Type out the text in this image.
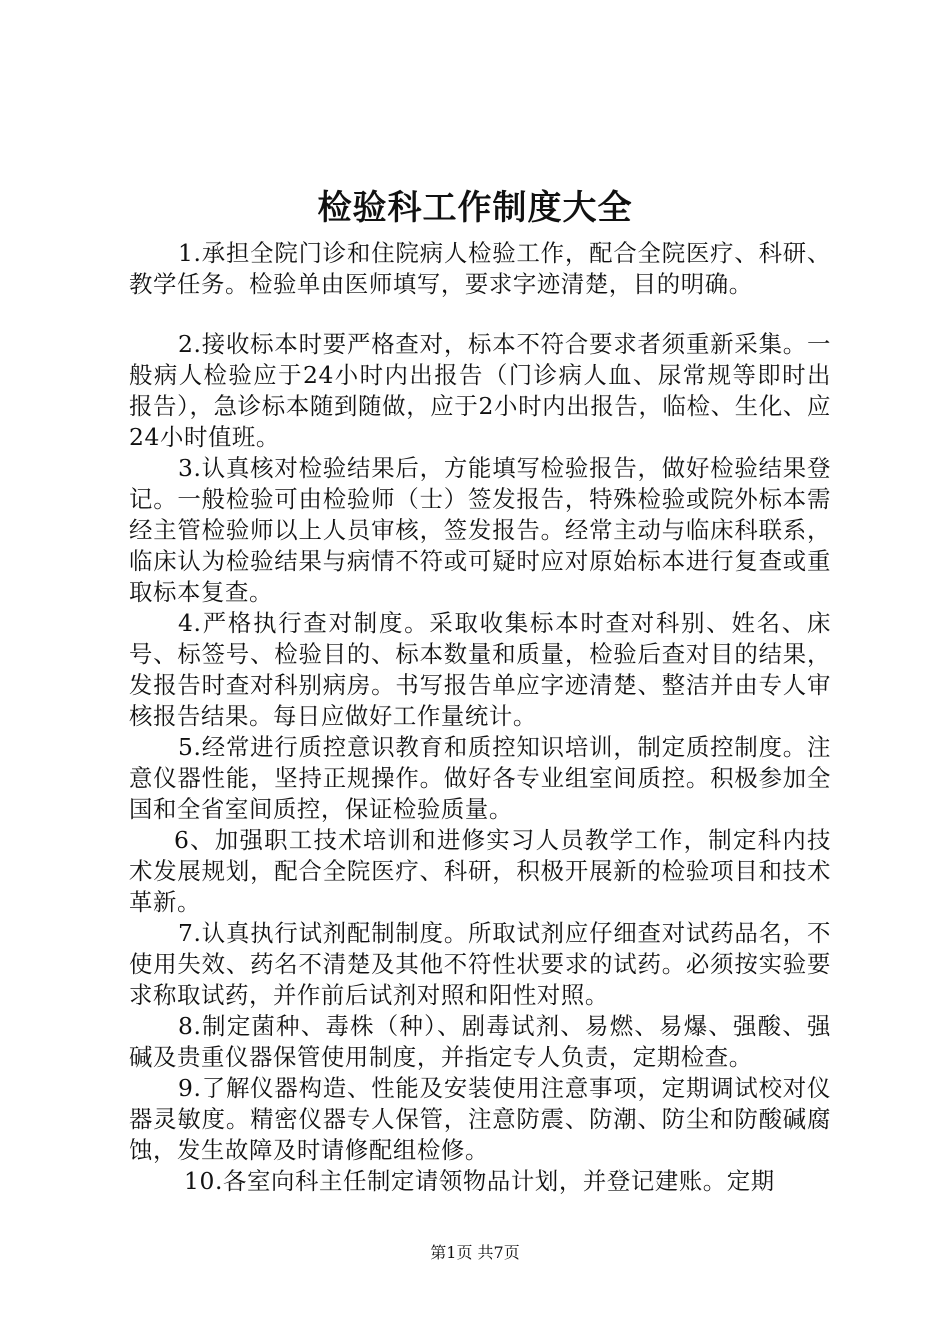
检验科工作制度大全

1.承担全院门诊和住院病人检验工作，配合全院医疗、科研、教学任务。检验单由医师填写，要求字迹清楚，目的明确。

2.接收标本时要严格查对，标本不符合要求者须重新采集。一般病人检验应于24小时内出报告（门诊病人血、尿常规等即时出报告），急诊标本随到随做，应于2小时内出报告，临检、生化、应24小时值班。

3.认真核对检验结果后，方能填写检验报告，做好检验结果登记。一般检验可由检验师（士）签发报告，特殊检验或院外标本需经主管检验师以上人员审核，签发报告。经常主动与临床科联系，临床认为检验结果与病情不符或可疑时应对原始标本进行复查或重取标本复查。

4.严格执行查对制度。采取收集标本时查对科别、姓名、床号、标签号、检验目的、标本数量和质量，检验后查对目的结果，发报告时查对科别病房。书写报告单应字迹清楚、整洁并由专人审核报告结果。每日应做好工作量统计。

5.经常进行质控意识教育和质控知识培训，制定质控制度。注意仪器性能，坚持正规操作。做好各专业组室间质控。积极参加全国和全省室间质控，保证检验质量。

6、加强职工技术培训和进修实习人员教学工作，制定科内技术发展规划，配合全院医疗、科研，积极开展新的检验项目和技术革新。

7.认真执行试剂配制制度。所取试剂应仔细查对试药品名，不使用失效、药名不清楚及其他不符性状要求的试药。必须按实验要求称取试药，并作前后试剂对照和阳性对照。

8.制定菌种、毒株（种）、剧毒试剂、易燃、易爆、强酸、强碱及贵重仪器保管使用制度，并指定专人负责，定期检查。

9.了解仪器构造、性能及安装使用注意事项，定期调试校对仪器灵敏度。精密仪器专人保管，注意防震、防潮、防尘和防酸碱腐蚀，发生故障及时请修配组检修。

10.各室向科主任制定请领物品计划，并登记建账。定期

第1页 共7页
